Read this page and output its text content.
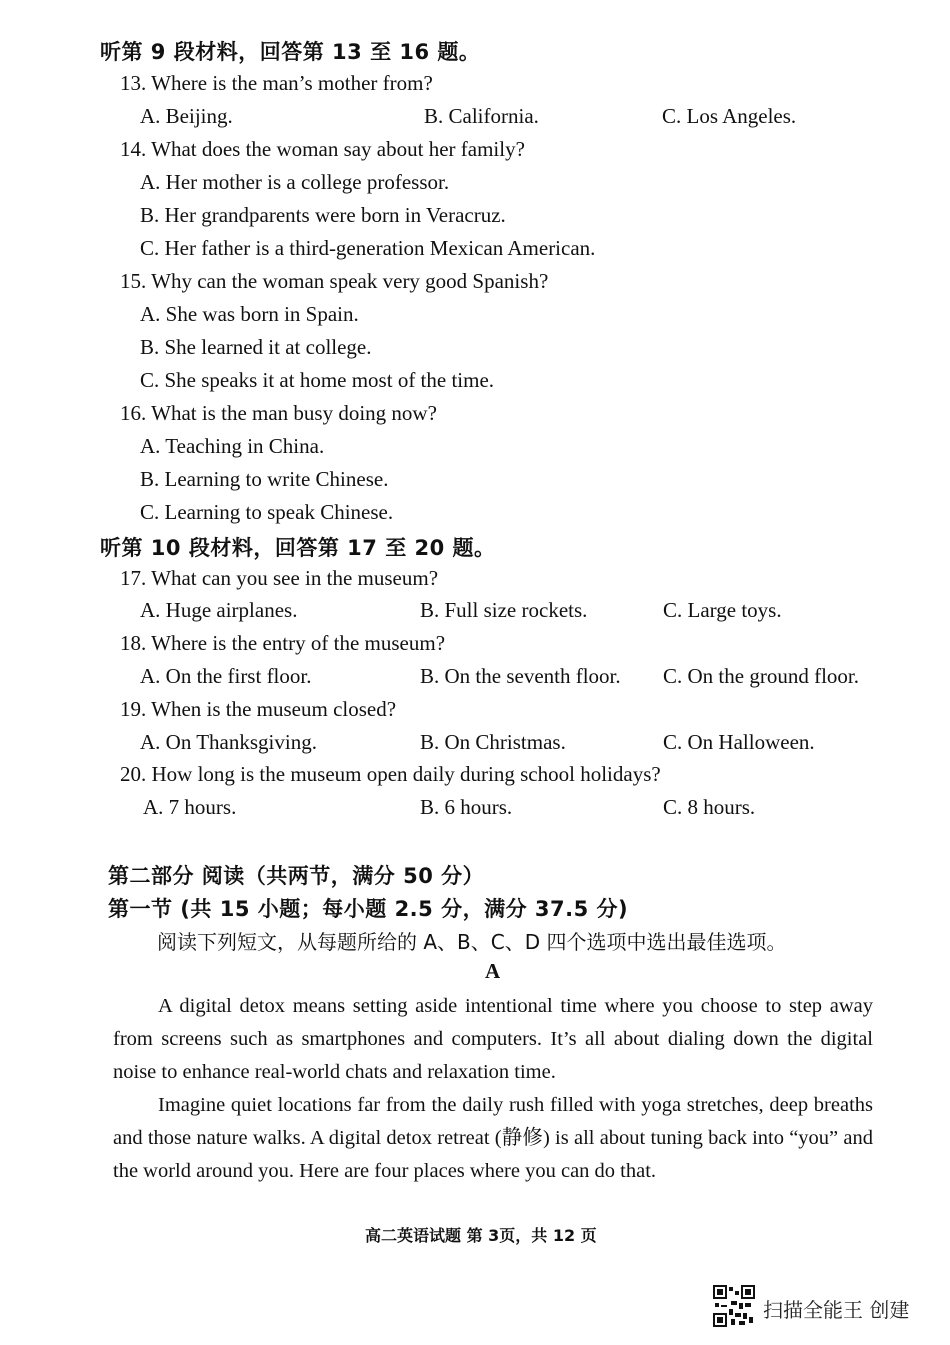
听第 9 段材料，回答第 13 至 16 题。
13. Where is the man’s mother from?
A. Beijing.	B. California.	C. Los Angeles.
14. What does the woman say about her family?
A. Her mother is a college professor.
B. Her grandparents were born in Veracruz.
C. Her father is a third-generation Mexican American.
15. Why can the woman speak very good Spanish?
A. She was born in Spain.
B. She learned it at college.
C. She speaks it at home most of the time.
16. What is the man busy doing now?
A. Teaching in China.
B. Learning to write Chinese.
C. Learning to speak Chinese.
听第 10 段材料，回答第 17 至 20 题。
17. What can you see in the museum?
A. Huge airplanes.	B. Full size rockets.	C. Large toys.
18. Where is the entry of the museum?
A. On the first floor.	B. On the seventh floor. C. On the ground floor.
19. When is the museum closed?
A. On Thanksgiving.	B. On Christmas.	C. On Halloween.
20. How long is the museum open daily during school holidays?
A. 7 hours.	B. 6 hours.	C. 8 hours.
第二部分 阅读（共两节，满分 50 分）
第一节 (共 15 小题；每小题 2.5 分，满分 37.5 分)
阅读下列短文，从每题所给的 A、B、C、D 四个选项中选出最佳选项。
A

A digital detox means setting aside intentional time where you choose to step away from screens such as smartphones and computers. It’s all about dialing down the digital noise to enhance real-world chats and relaxation time.

Imagine quiet locations far from the daily rush filled with yoga stretches, deep breaths and those nature walks. A digital detox retreat (静修) is all about tuning back into “you” and the world around you. Here are four places where you can do that.

高二英语试题 第 3页，共 12 页
扫描全能王 创建
